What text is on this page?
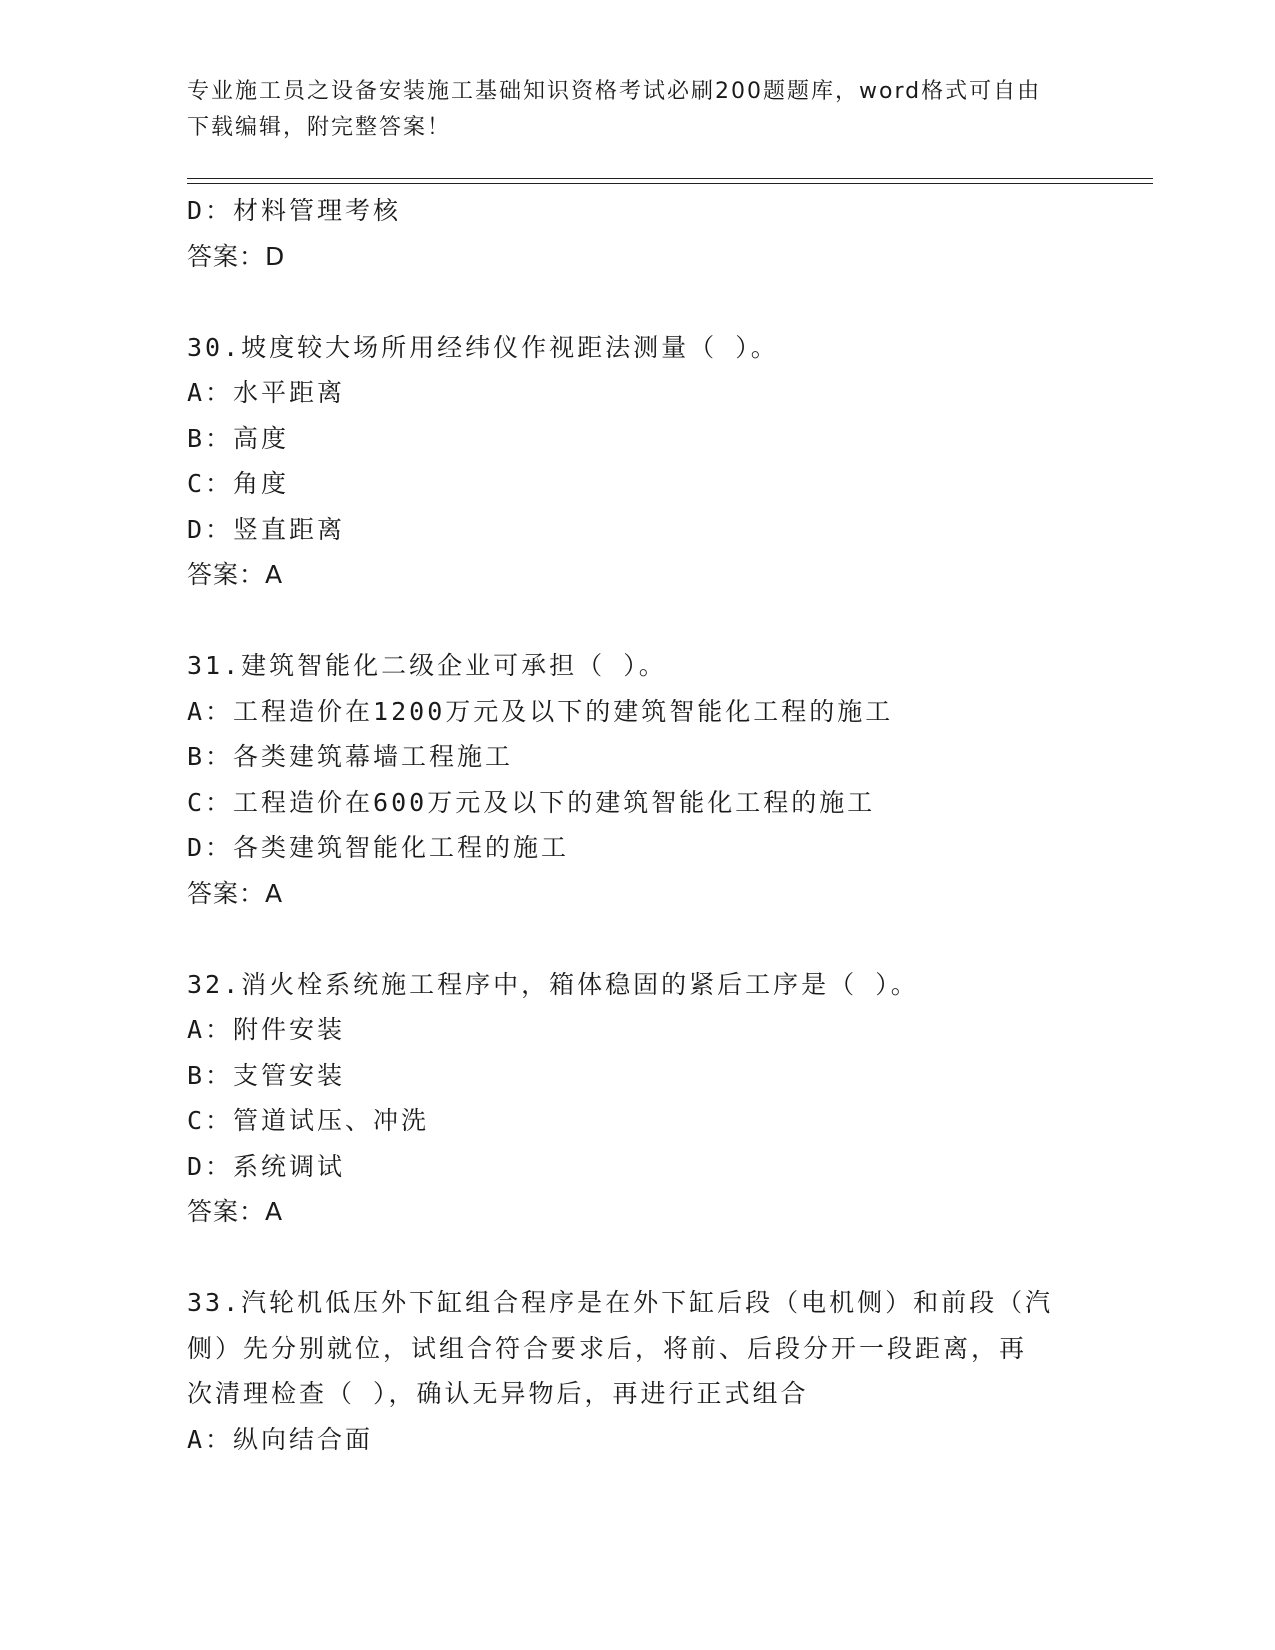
专业施工员之设备安装施工基础知识资格考试必刷200题题库，word格式可自由
下载编辑，附完整答案！
D：材料管理考核
答案：D
30.坡度较大场所用经纬仪作视距法测量（ ）。
A：水平距离
B：高度
C：角度
D：竖直距离
答案：A
31.建筑智能化二级企业可承担（ ）。
A：工程造价在1200万元及以下的建筑智能化工程的施工
B：各类建筑幕墙工程施工
C：工程造价在600万元及以下的建筑智能化工程的施工
D：各类建筑智能化工程的施工
答案：A
32.消火栓系统施工程序中，箱体稳固的紧后工序是（ ）。
A：附件安装
B：支管安装
C：管道试压、冲洗
D：系统调试
答案：A
33.汽轮机低压外下缸组合程序是在外下缸后段（电机侧）和前段（汽
侧）先分别就位，试组合符合要求后，将前、后段分开一段距离，再
次清理检查（ ），确认无异物后，再进行正式组合
A：纵向结合面
